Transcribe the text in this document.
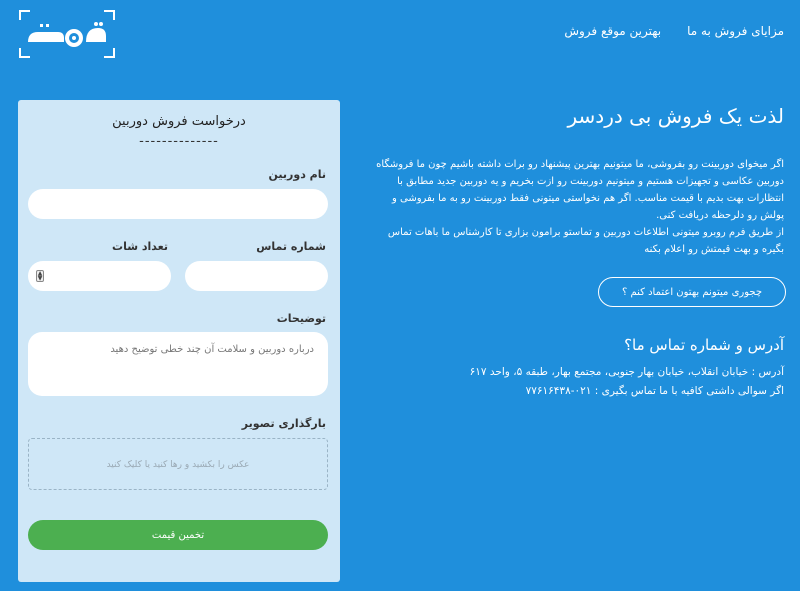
مزایای فروش به ما
بهترین موقع فروش
درخواست فروش دوربین
--------------
نام دوربین
شماره تماس
تعداد شات
▲
▼
توضیحات
درباره دوربین و سلامت آن چند خطی توضیح دهید
بارگذاری تصویر
عکس را بکشید و رها کنید یا کلیک کنید
تخمین قیمت
لذت یک فروش بی دردسر
اگر میخوای دوربینت رو بفروشی، ما میتونیم بهترین پیشنهاد رو برات داشته باشیم چون ما فروشگاه دوربین عکاسی و تجهیزات هستیم و میتونیم دوربینت رو ازت بخریم و یه دوربین جدید مطابق با انتظارات بهت بدیم با قیمت مناسب. اگر هم نخواستی میتونی فقط دوربینت رو به ما بفروشی و پولش رو دلرحظه دریافت کنی.
از طریق فرم روبرو میتونی اطلاعات دوربین و تماستو برامون بزاری تا کارشناس ما باهات تماس بگیره و بهت قیمتش رو اعلام بکنه
چجوری میتونم بهتون اعتماد کنم ؟
آدرس و شماره تماس ما؟
آدرس : خیابان انقلاب، خیابان بهار جنوبی، مجتمع بهار، طبقه ۵، واحد ۶۱۷
اگر سوالی داشتی کافیه با ما تماس بگیری : ۰۲۱-۷۷۶۱۶۴۳۸
